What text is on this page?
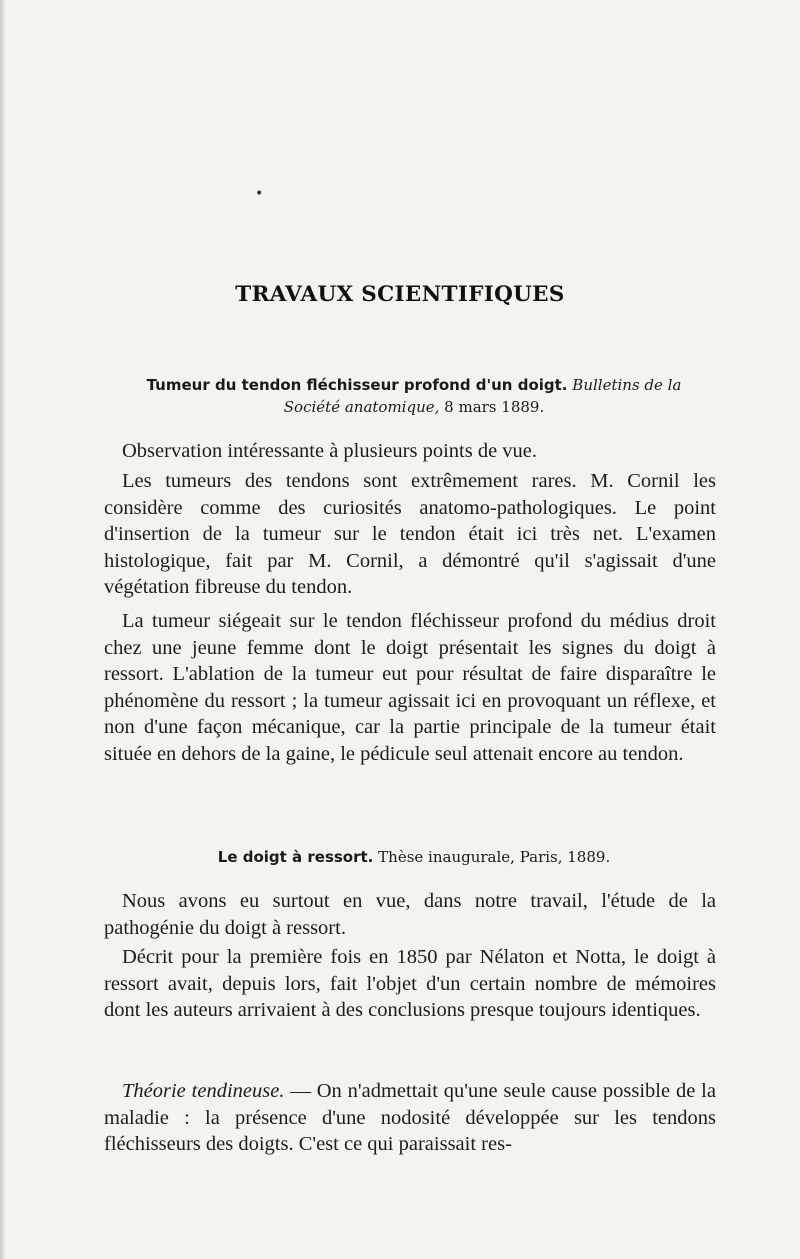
•
TRAVAUX SCIENTIFIQUES
Tumeur du tendon fléchisseur profond d'un doigt. Bulletins de la
Société anatomique, 8 mars 1889.

Observation intéressante à plusieurs points de vue.

Les tumeurs des tendons sont extrêmement rares. M. Cornil les considère comme des curiosités anatomo-pathologiques. Le point d'insertion de la tumeur sur le tendon était ici très net. L'examen histologique, fait par M. Cornil, a démontré qu'il s'agissait d'une végétation fibreuse du tendon.

La tumeur siégeait sur le tendon fléchisseur profond du médius droit chez une jeune femme dont le doigt présentait les signes du doigt à ressort. L'ablation de la tumeur eut pour résultat de faire disparaître le phénomène du ressort ; la tumeur agissait ici en provoquant un réflexe, et non d'une façon mécanique, car la partie principale de la tumeur était située en dehors de la gaine, le pédicule seul attenait encore au tendon.

Le doigt à ressort. Thèse inaugurale, Paris, 1889.

Nous avons eu surtout en vue, dans notre travail, l'étude de la pathogénie du doigt à ressort.

Décrit pour la première fois en 1850 par Nélaton et Notta, le doigt à ressort avait, depuis lors, fait l'objet d'un certain nombre de mémoires dont les auteurs arrivaient à des conclusions presque toujours identiques.

Théorie tendineuse. — On n'admettait qu'une seule cause possible de la maladie : la présence d'une nodosité développée sur les tendons fléchisseurs des doigts. C'est ce qui paraissait res-
